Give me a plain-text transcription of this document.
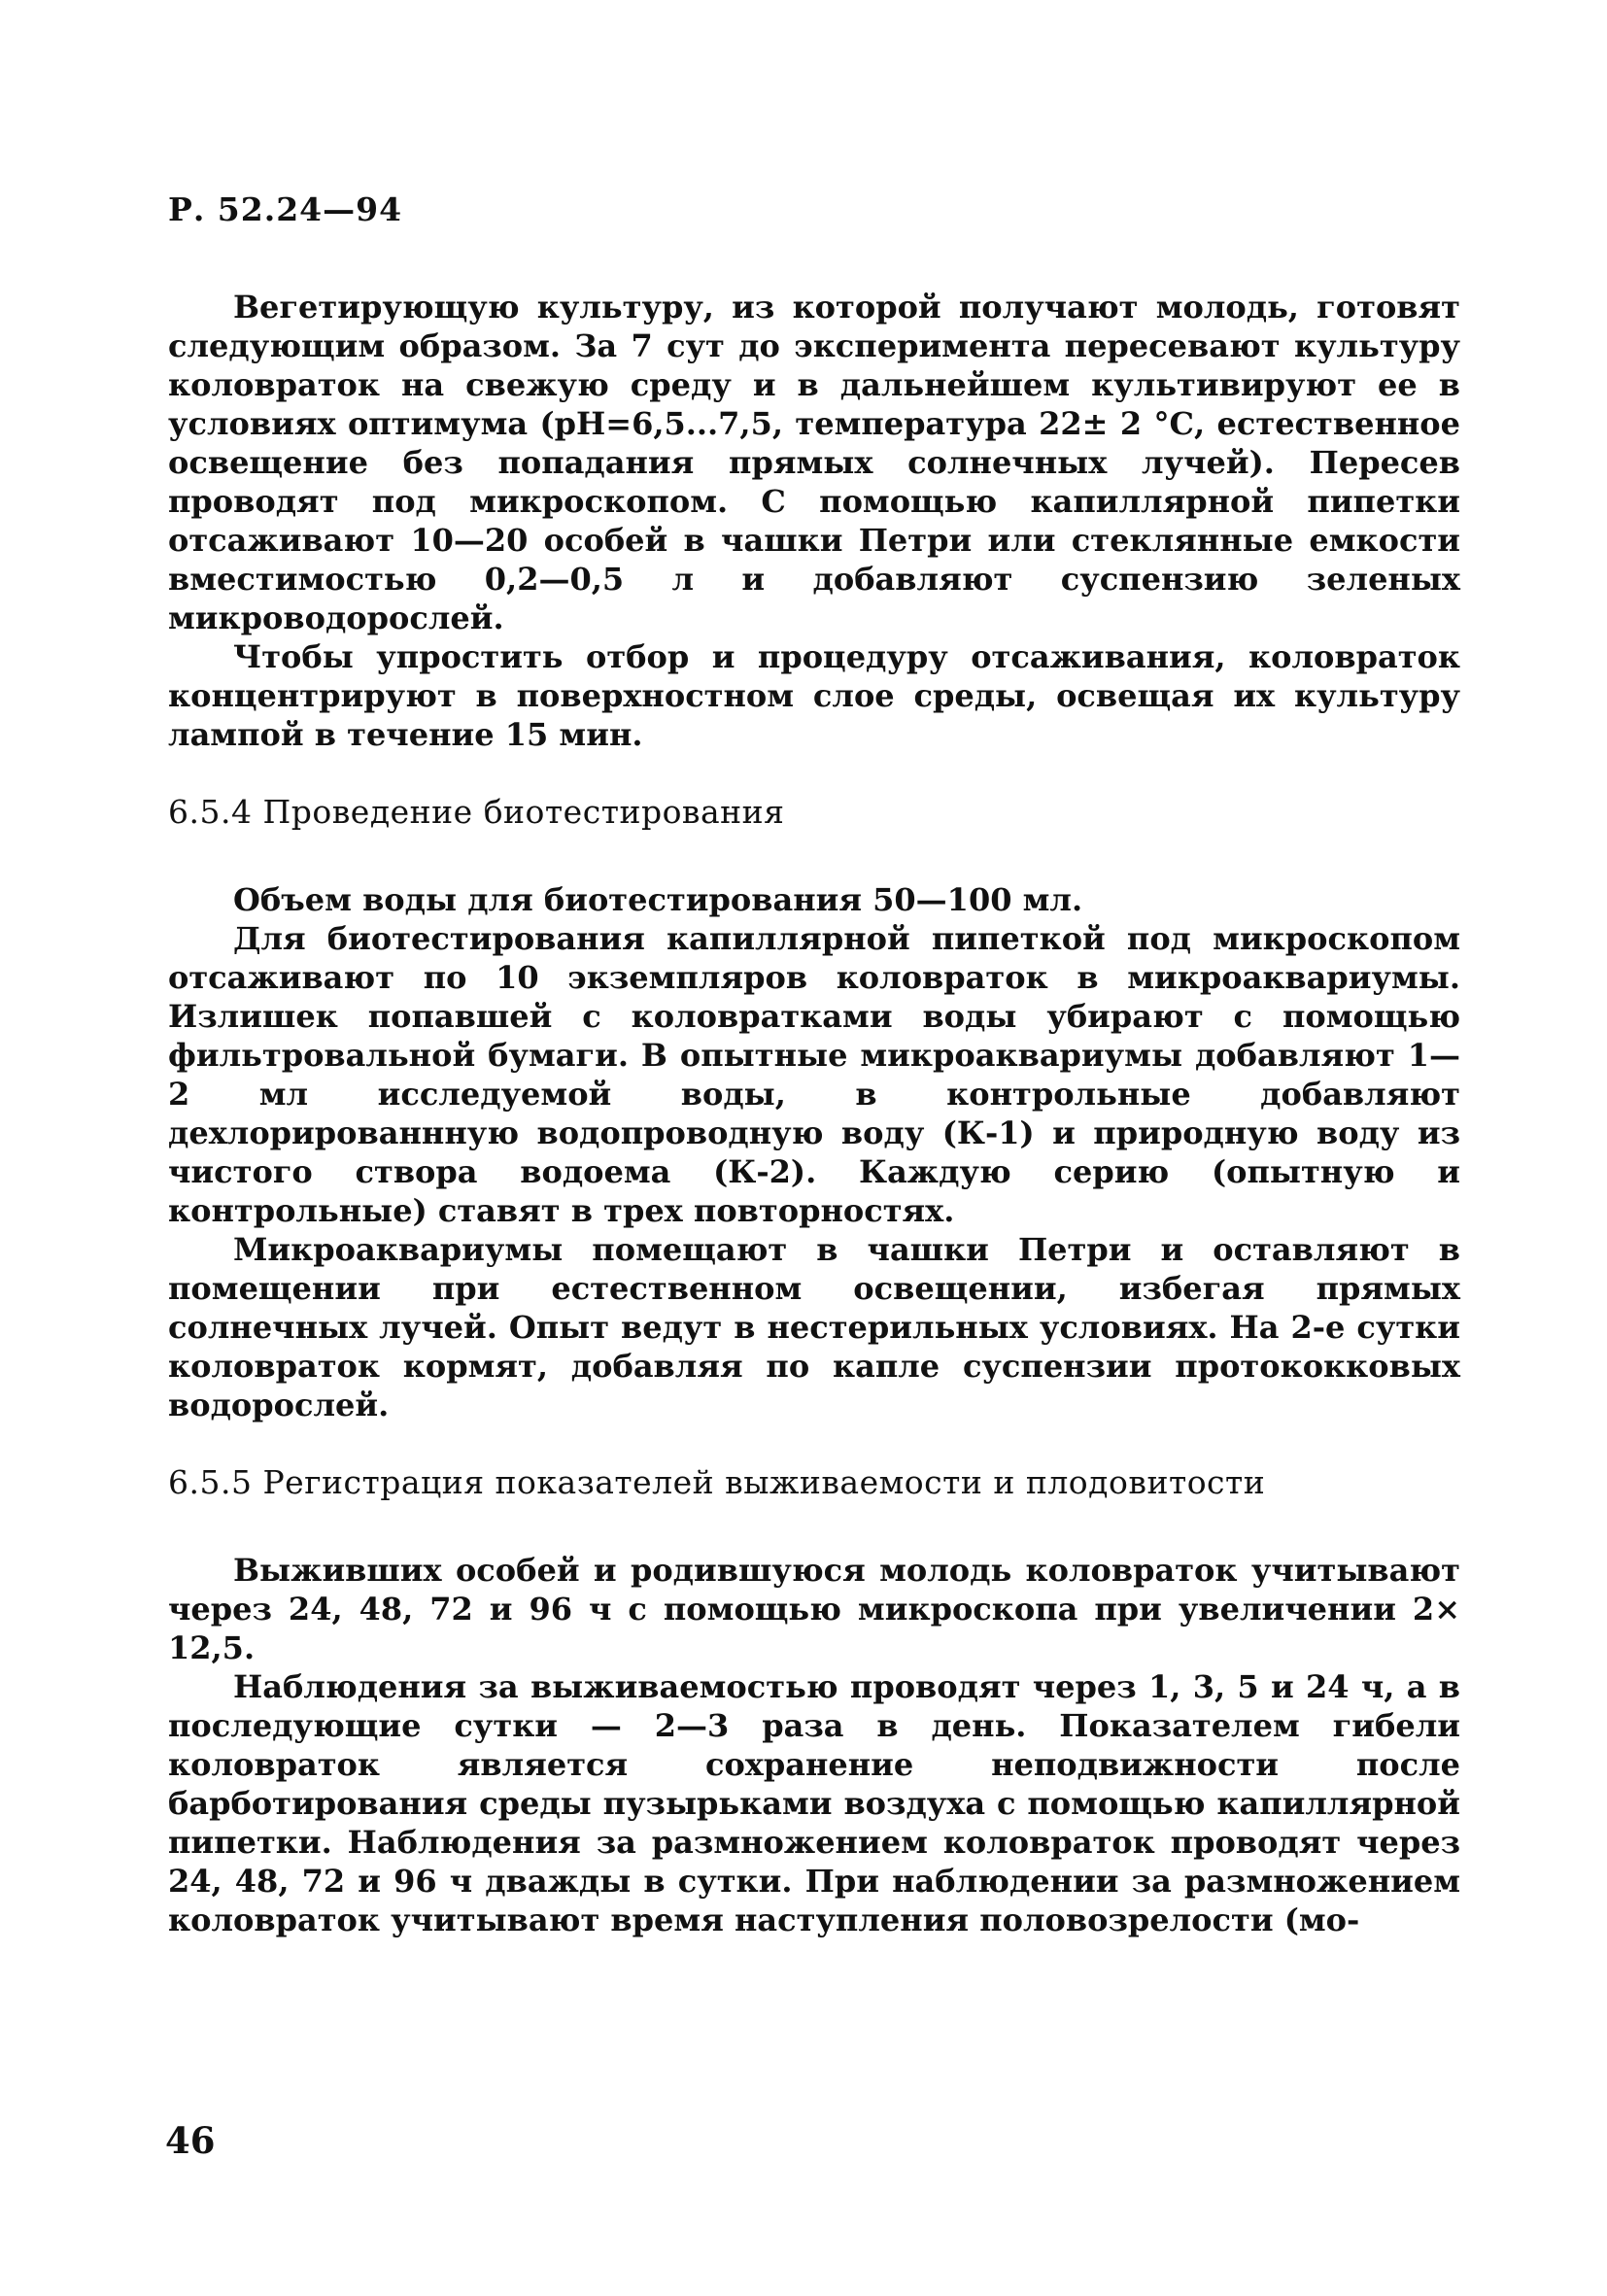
Р. 52.24—94

Вегетирующую культуру, из которой получают молодь, готовят следующим образом. За 7 сут до эксперимента пересевают культуру коловраток на свежую среду и в дальнейшем культивируют ее в условиях оптимума (pH=6,5...7,5, температура 22± 2 °С, естественное освещение без попадания прямых солнечных лучей). Пересев проводят под микроскопом. С помощью капиллярной пипетки отсаживают 10—20 особей в чашки Петри или стеклянные емкости вместимостью 0,2—0,5 л и добавляют суспензию зеленых микроводорослей.

Чтобы упростить отбор и процедуру отсаживания, коловраток концентрируют в поверхностном слое среды, освещая их культуру лампой в течение 15 мин.

6.5.4 Проведение биотестирования

Объем воды для биотестирования 50—100 мл.

Для биотестирования капиллярной пипеткой под микроскопом отсаживают по 10 экземпляров коловраток в микроаквариумы. Излишек попавшей с коловратками воды убирают с помощью фильтровальной бумаги. В опытные микроаквариумы добавляют 1—2 мл исследуемой воды, в контрольные добавляют дехлорированнную водопроводную воду (К-1) и природную воду из чистого створа водоема (К-2). Каждую серию (опытную и контрольные) ставят в трех повторностях.

Микроаквариумы помещают в чашки Петри и оставляют в помещении при естественном освещении, избегая прямых солнечных лучей. Опыт ведут в нестерильных условиях. На 2-е сутки коловраток кормят, добавляя по капле суспензии протококковых водорослей.

6.5.5 Регистрация показателей выживаемости и плодовитости

Выживших особей и родившуюся молодь коловраток учитывают через 24, 48, 72 и 96 ч с помощью микроскопа при увеличении 2× 12,5.

Наблюдения за выживаемостью проводят через 1, 3, 5 и 24 ч, а в последующие сутки — 2—3 раза в день. Показателем гибели коловраток является сохранение неподвижности после барботирования среды пузырьками воздуха с помощью капиллярной пипетки. Наблюдения за размножением коловраток проводят через 24, 48, 72 и 96 ч дважды в сутки. При наблюдении за размножением коловраток учитывают время наступления половозрелости (мо-

46
